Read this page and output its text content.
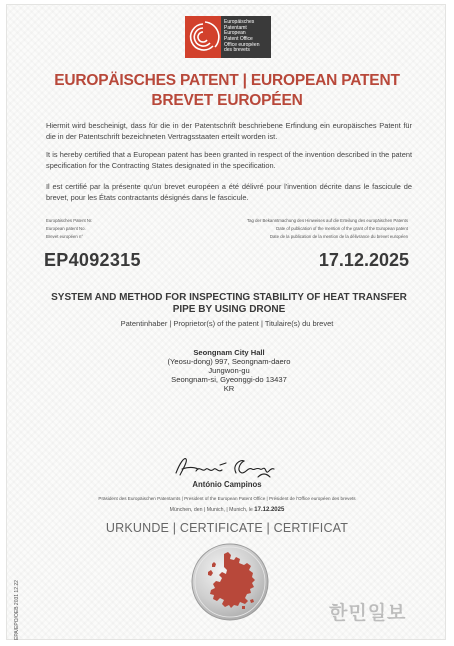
Europäisches
Patentamt
European
Patent Office
Office européen
des brevets
EUROPÄISCHES PATENT | EUROPEAN PATENT
BREVET EUROPÉEN
Hiermit wird bescheinigt, dass für die in der Patentschrift beschriebene Erfindung ein europäisches Patent für die in der Patentschrift bezeichneten Vertragsstaaten erteilt worden ist.
It is hereby certified that a European patent has been granted in respect of the invention described in the patent specification for the Contracting States designated in the specification.
Il est certifié par la présente qu'un brevet européen a été délivré pour l'invention décrite dans le fascicule de brevet, pour les États contractants désignés dans le fascicule.
Europäisches Patent Nr.
European patent No.
Brevet européen n°
Tag der Bekanntmachung des Hinweises auf die Erteilung des europäischen Patents
Date of publication of the mention of the grant of the European patent
Date de la publication de la mention de la délivrance du brevet européen
EP4092315	17.12.2025
SYSTEM AND METHOD FOR INSPECTING STABILITY OF HEAT TRANSFER PIPE BY USING DRONE
Patentinhaber | Proprietor(s) of the patent | Titulaire(s) du brevet
Seongnam City Hall
(Yeosu-dong) 997, Seongnam-daero
Jungwon-gu
Seongnam-si, Gyeonggi-do 13437
KR
António Campinos
Präsident des Europäischen Patentamts | President of the European Patent Office | Président de l'Office européen des brevets
München, den | Munich, | Munich, le 17.12.2025
URKUNDE | CERTIFICATE | CERTIFICAT
EPA/EPO/OEB 2031 12.22	한민일보
